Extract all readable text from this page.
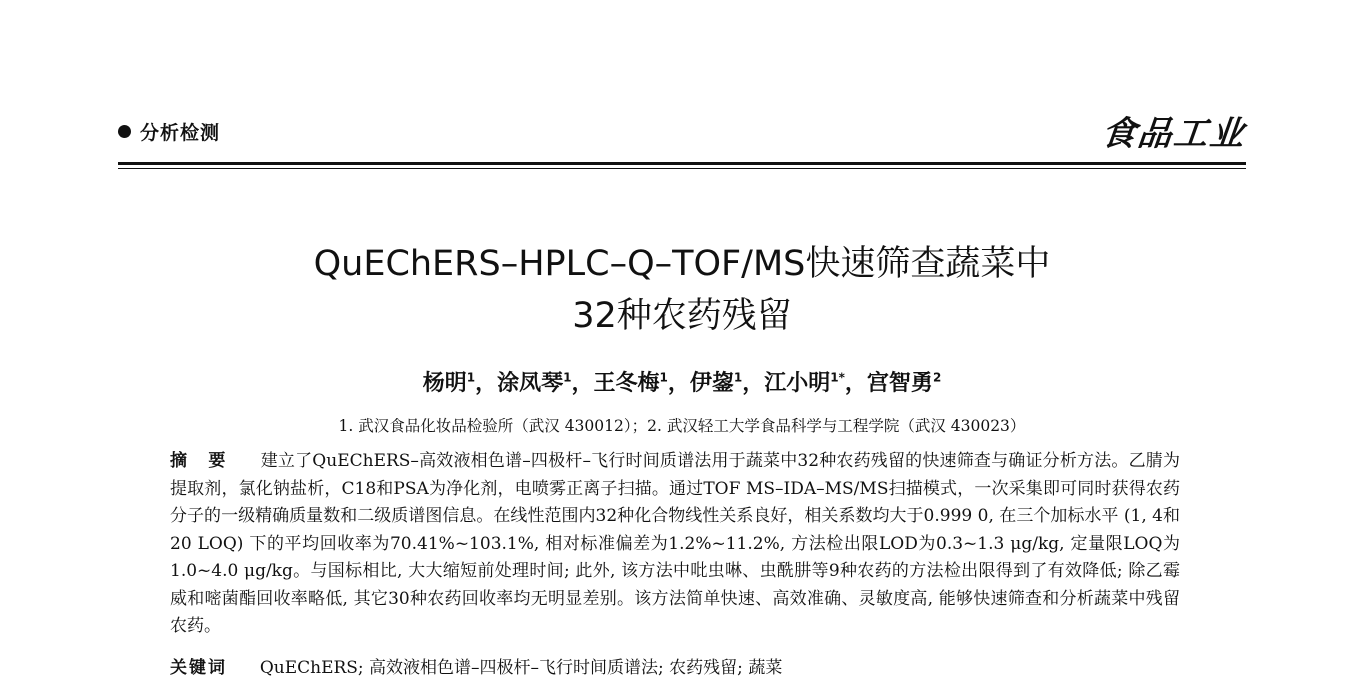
分析检测	食品工业
QuEChERS–HPLC–Q–TOF/MS快速筛查蔬菜中
32种农药残留
杨明$^1$，涂凤琴$^1$，王冬梅$^1$，伊鋆$^1$，江小明$^{1*}$，宫智勇$^2$
1. 武汉食品化妆品检验所（武汉 430012）；2. 武汉轻工大学食品科学与工程学院（武汉 430023）
摘　要 建立了QuEChERS–高效液相色谱–四极杆–飞行时间质谱法用于蔬菜中32种农药残留的快速筛查与确证分析方法。乙腈为提取剂，氯化钠盐析，C18和PSA为净化剂，电喷雾正离子扫描。通过TOF MS–IDA–MS/MS扫描模式，一次采集即可同时获得农药分子的一级精确质量数和二级质谱图信息。在线性范围内32种化合物线性关系良好，相关系数均大于0.999 0, 在三个加标水平 (1, 4和20 LOQ) 下的平均回收率为70.41%~103.1%, 相对标准偏差为1.2%~11.2%, 方法检出限LOD为0.3~1.3 μg/kg, 定量限LOQ为1.0~4.0 μg/kg。与国标相比, 大大缩短前处理时间; 此外, 该方法中吡虫啉、虫酰肼等9种农药的方法检出限得到了有效降低; 除乙霉威和嘧菌酯回收率略低, 其它30种农药回收率均无明显差别。该方法简单快速、高效准确、灵敏度高, 能够快速筛查和分析蔬菜中残留农药。
关键词 QuEChERS; 高效液相色谱–四极杆–飞行时间质谱法; 农药残留; 蔬菜
